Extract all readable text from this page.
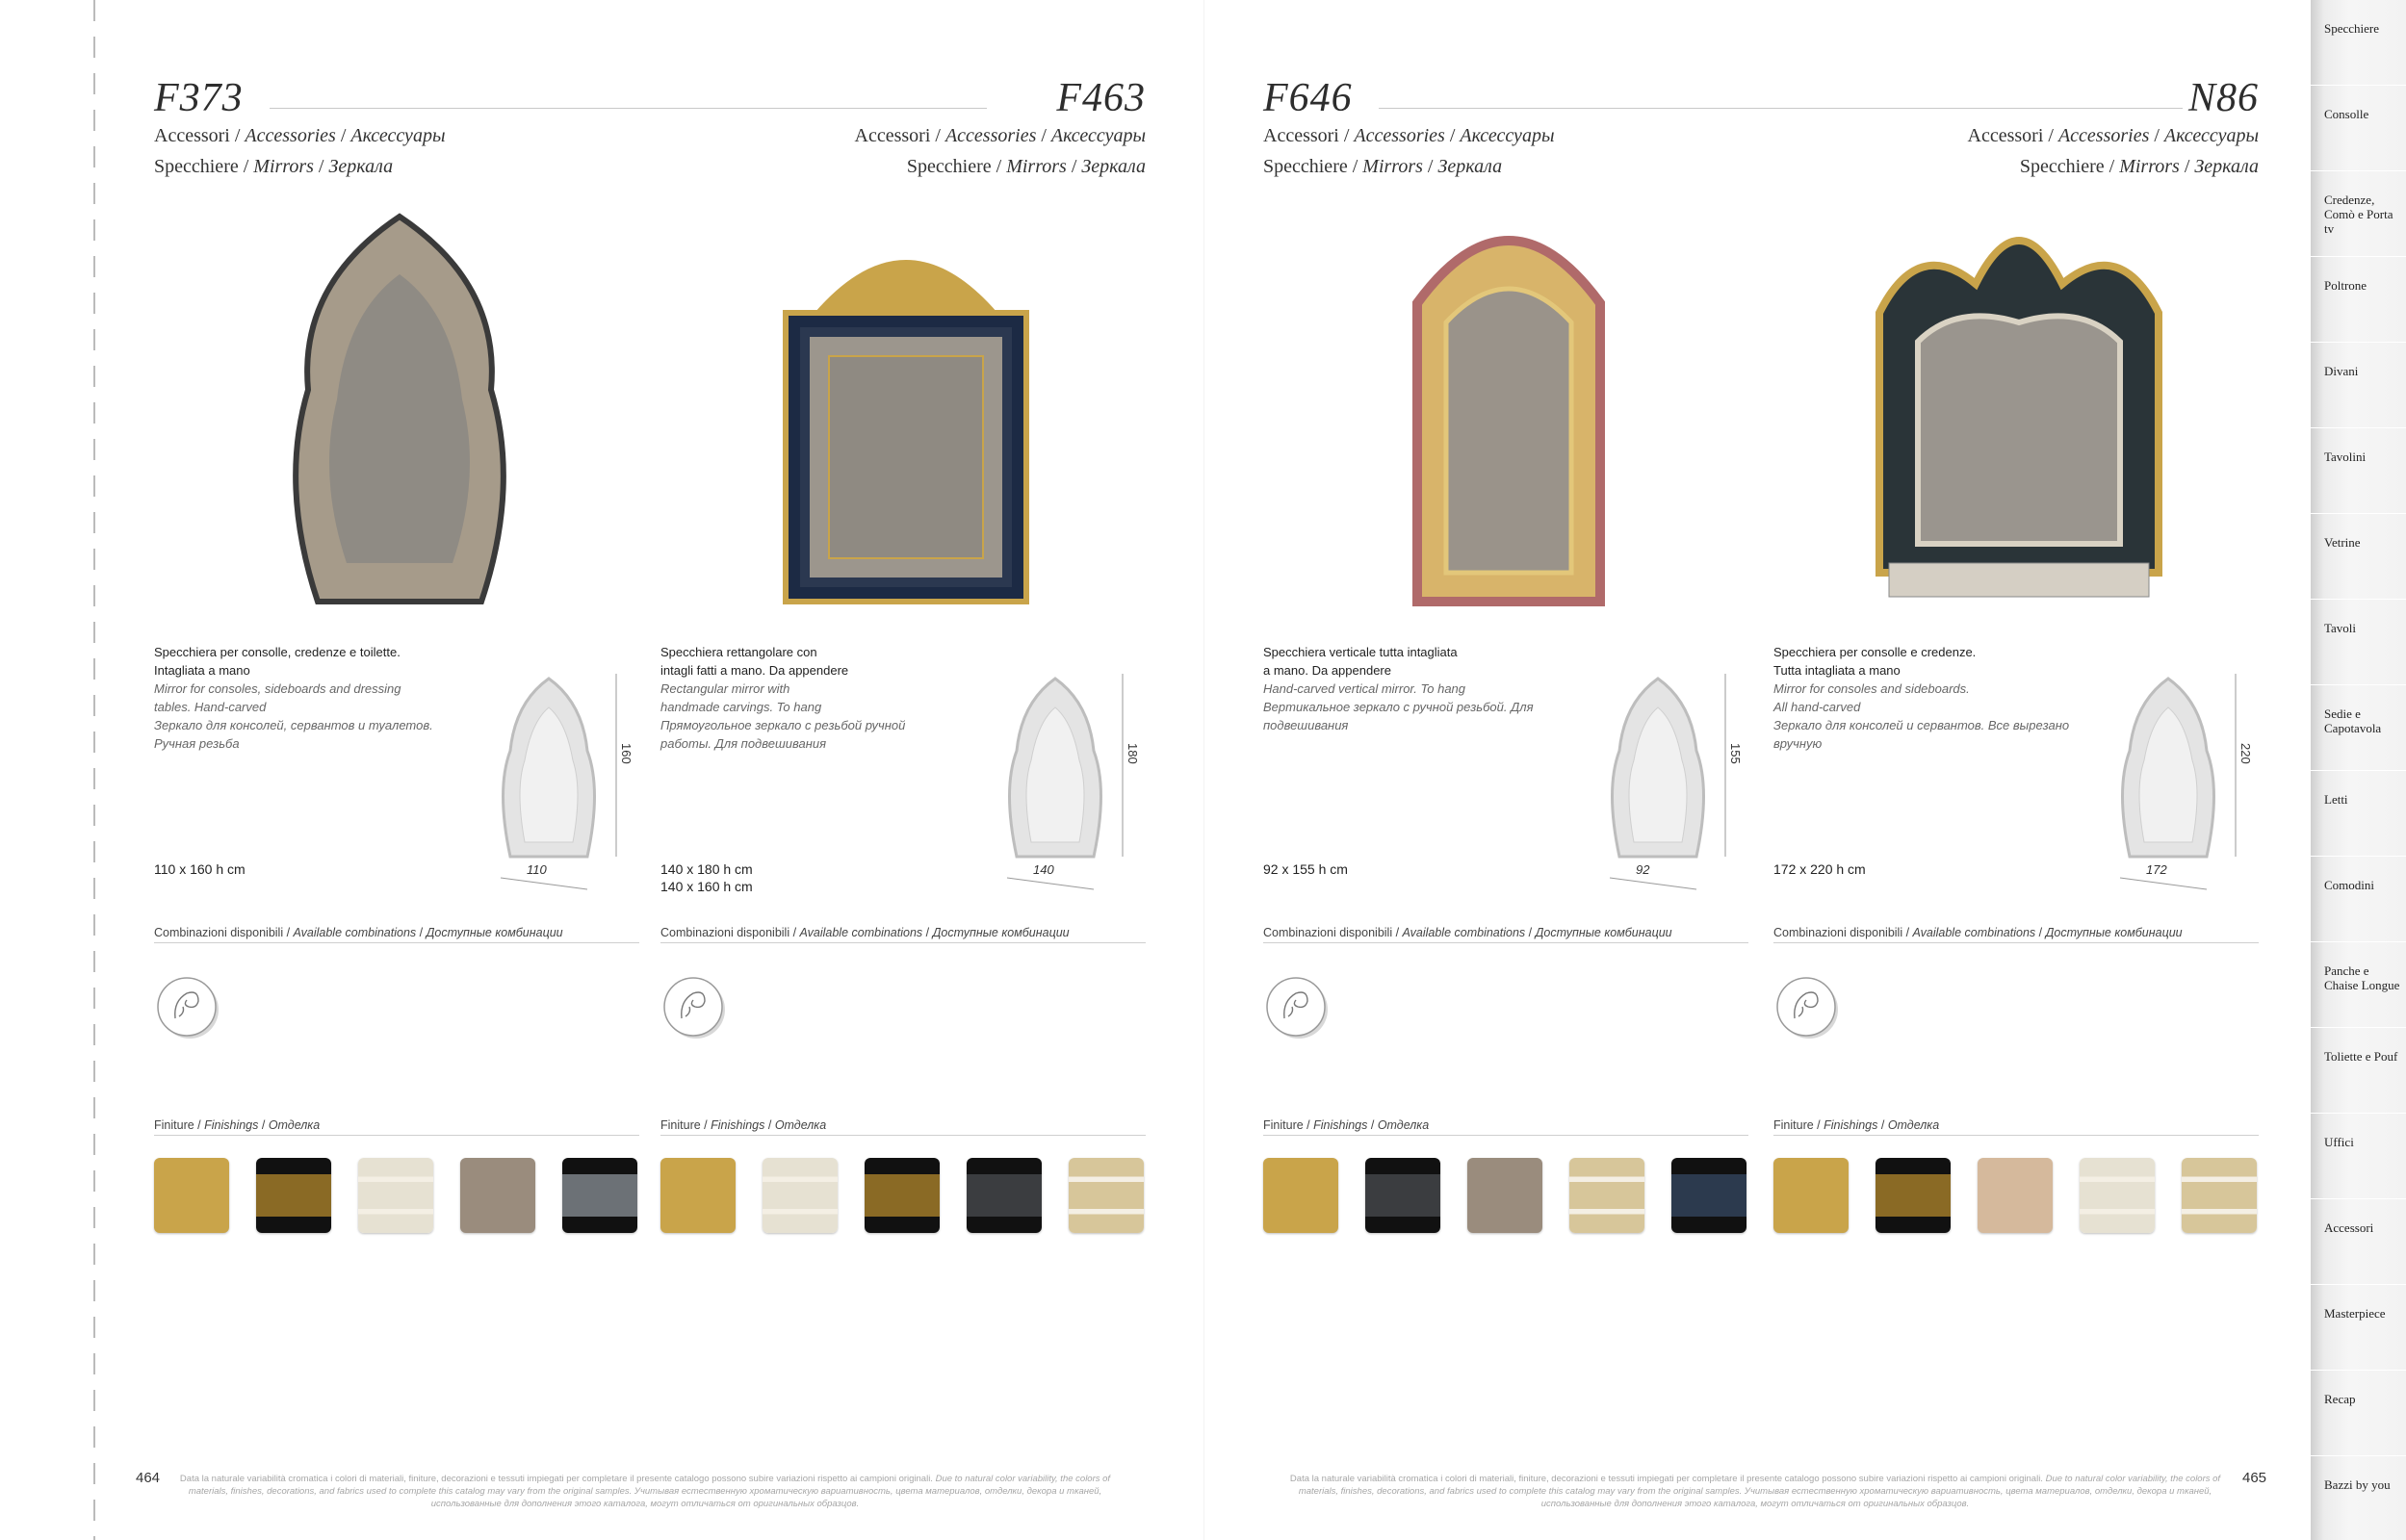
F373
Accessori / Accessories / Аксессуары
Specchiere / Mirrors / Зеркала
Specchiera per consolle, credenze e toilette.
Intagliata a mano
Mirror for consoles, sideboards and dressing
tables. Hand-carved
Зеркало для консолей, сервантов и туалетов.
Ручная резьба	160
110
110 x 160 h cm
Combinazioni disponibili / Available combinations / Доступные комбинации
Finiture / Finishings / Отделка
F463
Accessori / Accessories / Аксессуары
Specchiere / Mirrors / Зеркала
Specchiera rettangolare con
intagli fatti a mano. Da appendere
Rectangular mirror with
handmade carvings. To hang
Прямоугольное зеркало с резьбой ручной
работы. Для подвешивания	180
140
140 x 180 h cm
140 x 160 h cm
Combinazioni disponibili / Available combinations / Доступные комбинации
Finiture / Finishings / Отделка
F646
Accessori / Accessories / Аксессуары
Specchiere / Mirrors / Зеркала
Specchiera verticale tutta intagliata
a mano. Da appendere
Hand-carved vertical mirror. To hang
Вертикальное зеркало с ручной резьбой. Для
подвешивания
155
92
92 x 155 h cm
Combinazioni disponibili / Available combinations / Доступные комбинации
Finiture / Finishings / Отделка
N86
Accessori / Accessories / Аксессуары
Specchiere / Mirrors / Зеркала
Specchiera per consolle e credenze.
Tutta intagliata a mano
Mirror for consoles and sideboards.
All hand-carved
Зеркало для консолей и сервантов. Все вырезано
вручную	220
172
172 x 220 h cm
Combinazioni disponibili / Available combinations / Доступные комбинации
Finiture / Finishings / Отделка
464	Data la naturale variabilità cromatica i colori di materiali, finiture, decorazioni e tessuti impiegati per completare il presente catalogo possono subire variazioni rispetto ai campioni originali. Due to natural color variability, the colors of materials, finishes, decorations, and fabrics used to complete this catalog may vary from the original samples. Учитывая естественную хроматическую вариативность, цвета материалов, отделки, декора и тканей, использованные для дополнения этого каталога, могут отличаться от оригинальных образцов.
Data la naturale variabilità cromatica i colori di materiali, finiture, decorazioni e tessuti impiegati per completare il presente catalogo possono subire variazioni rispetto ai campioni originali. Due to natural color variability, the colors of materials, finishes, decorations, and fabrics used to complete this catalog may vary from the original samples. Учитывая естественную хроматическую вариативность, цвета материалов, отделки, декора и тканей, использованные для дополнения этого каталога, могут отличаться от оригинальных образцов.
465
Specchiere
Consolle
Credenze, Comò e Porta tv
Poltrone
Divani
Tavolini
Vetrine
Tavoli
Sedie e Capotavola
Letti
Comodini
Panche e Chaise Longue
Toliette e Pouf
Uffici
Accessori
Masterpiece
Recap
Bazzi by you
